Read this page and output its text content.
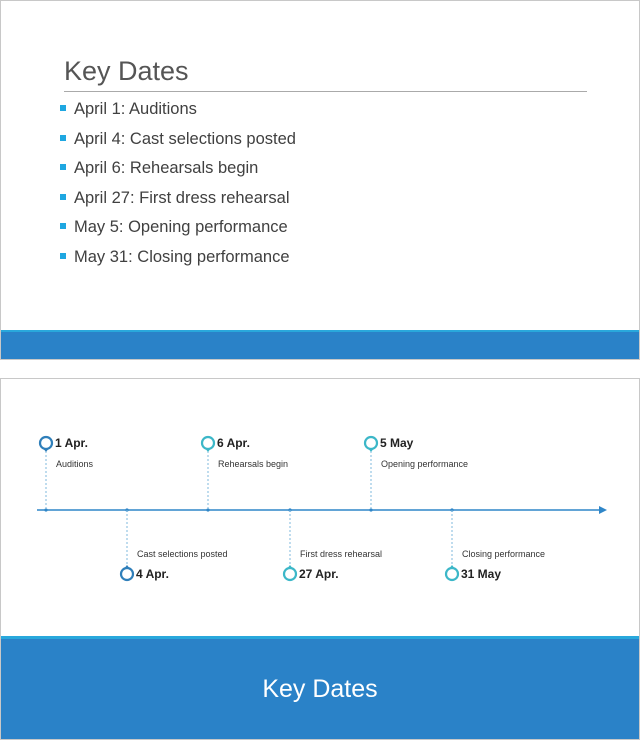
Key Dates
April 1: Auditions
April 4: Cast selections posted
April 6: Rehearsals begin
April 27: First dress rehearsal
May 5: Opening performance
May 31: Closing performance
1 Apr.
Auditions
4 Apr.
Cast selections posted
6 Apr.
Rehearsals begin
27 Apr.
First dress rehearsal
5 May
Opening performance
31 May
Closing performance
Key Dates
